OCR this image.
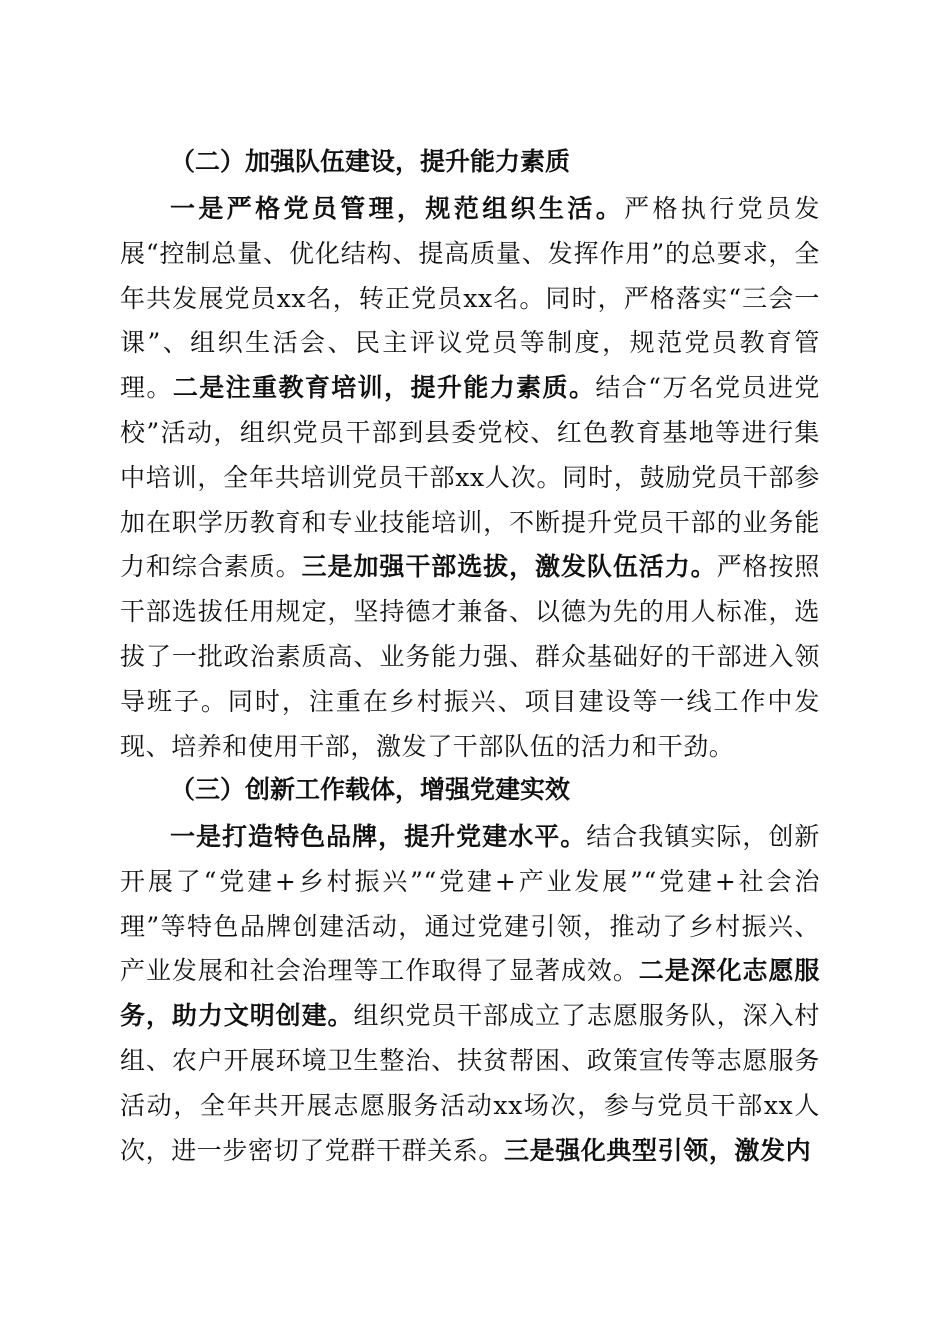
（二）加强队伍建设，提升能力素质

一是严格党员管理，规范组织生活。严格执行党员发展“控制总量、优化结构、提高质量、发挥作用”的总要求，全年共发展党员xx名，转正党员xx名。同时，严格落实“三会一课”、组织生活会、民主评议党员等制度，规范党员教育管理。二是注重教育培训，提升能力素质。结合“万名党员进党校”活动，组织党员干部到县委党校、红色教育基地等进行集中培训，全年共培训党员干部xx人次。同时，鼓励党员干部参加在职学历教育和专业技能培训，不断提升党员干部的业务能力和综合素质。三是加强干部选拔，激发队伍活力。严格按照干部选拔任用规定，坚持德才兼备、以德为先的用人标准，选拔了一批政治素质高、业务能力强、群众基础好的干部进入领导班子。同时，注重在乡村振兴、项目建设等一线工作中发现、培养和使用干部，激发了干部队伍的活力和干劲。

（三）创新工作载体，增强党建实效

一是打造特色品牌，提升党建水平。结合我镇实际，创新开展了“党建+乡村振兴”“党建+产业发展”“党建+社会治理”等特色品牌创建活动，通过党建引领，推动了乡村振兴、产业发展和社会治理等工作取得了显著成效。二是深化志愿服务，助力文明创建。组织党员干部成立了志愿服务队，深入村组、农户开展环境卫生整治、扶贫帮困、政策宣传等志愿服务活动，全年共开展志愿服务活动xx场次，参与党员干部xx人次，进一步密切了党群干群关系。三是强化典型引领，激发内
